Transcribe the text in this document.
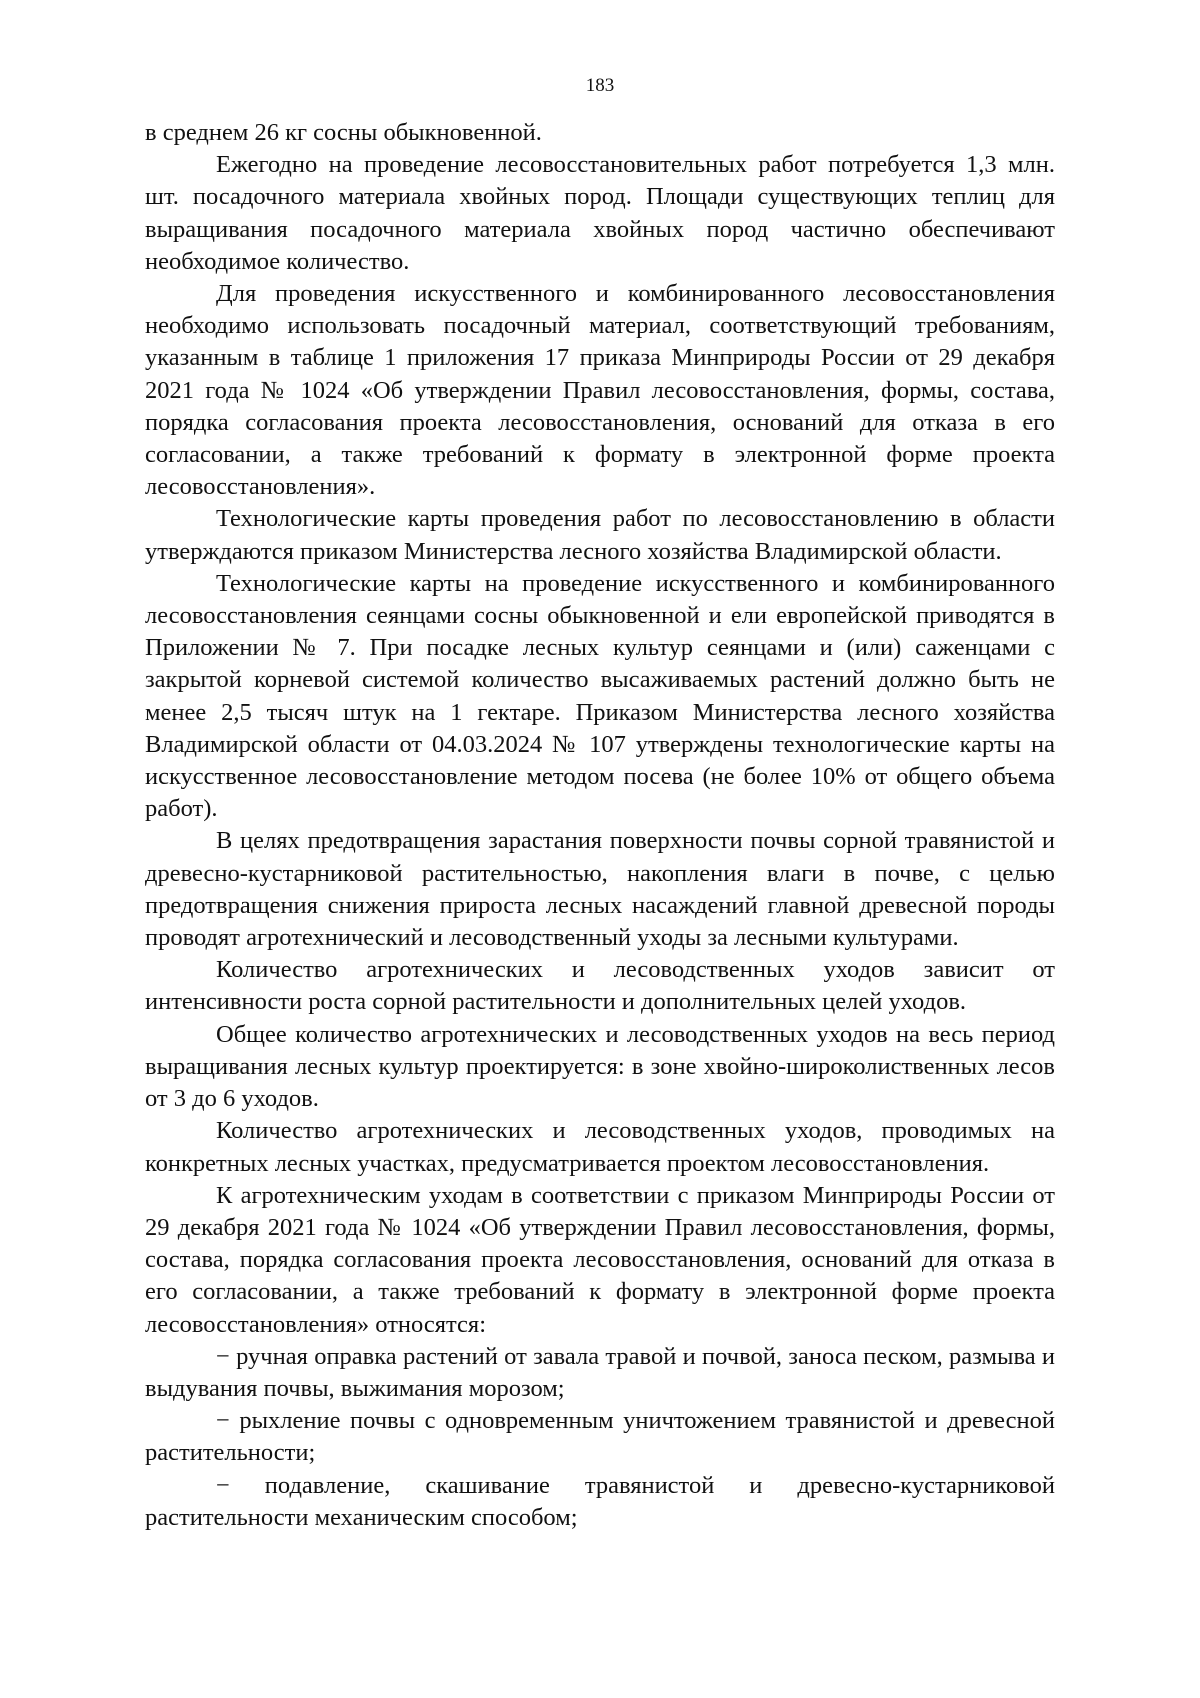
183

в среднем 26 кг сосны обыкновенной.

Ежегодно на проведение лесовосстановительных работ потребуется 1,3 млн. шт. посадочного материала хвойных пород. Площади существующих теплиц для выращивания посадочного материала хвойных пород частично обеспечивают необходимое количество.

Для проведения искусственного и комбинированного лесовосстановления необходимо использовать посадочный материал, соответствующий требованиям, указанным в таблице 1 приложения 17 приказа Минприроды России от 29 декабря 2021 года № 1024 «Об утверждении Правил лесовосстановления, формы, состава, порядка согласования проекта лесовосстановления, оснований для отказа в его согласовании, а также требований к формату в электронной форме проекта лесовосстановления».

Технологические карты проведения работ по лесовосстановлению в области утверждаются приказом Министерства лесного хозяйства Владимирской области.

Технологические карты на проведение искусственного и комбинированного лесовосстановления сеянцами сосны обыкновенной и ели европейской приводятся в Приложении № 7. При посадке лесных культур сеянцами и (или) саженцами с закрытой корневой системой количество высаживаемых растений должно быть не менее 2,5 тысяч штук на 1 гектаре. Приказом Министерства лесного хозяйства Владимирской области от 04.03.2024 № 107 утверждены технологические карты на искусственное лесовосстановление методом посева (не более 10% от общего объема работ).

В целях предотвращения зарастания поверхности почвы сорной травянистой и древесно-кустарниковой растительностью, накопления влаги в почве, с целью предотвращения снижения прироста лесных насаждений главной древесной породы проводят агротехнический и лесоводственный уходы за лесными культурами.

Количество агротехнических и лесоводственных уходов зависит от интенсивности роста сорной растительности и дополнительных целей уходов.

Общее количество агротехнических и лесоводственных уходов на весь период выращивания лесных культур проектируется: в зоне хвойно-широколиственных лесов от 3 до 6 уходов.

Количество агротехнических и лесоводственных уходов, проводимых на конкретных лесных участках, предусматривается проектом лесовосстановления.

К агротехническим уходам в соответствии с приказом Минприроды России от 29 декабря 2021 года № 1024 «Об утверждении Правил лесовосстановления, формы, состава, порядка согласования проекта лесовосстановления, оснований для отказа в его согласовании, а также требований к формату в электронной форме проекта лесовосстановления» относятся:

− ручная оправка растений от завала травой и почвой, заноса песком, размыва и выдувания почвы, выжимания морозом;

− рыхление почвы с одновременным уничтожением травянистой и древесной растительности;

− подавление, скашивание травянистой и древесно-кустарниковой растительности механическим способом;
